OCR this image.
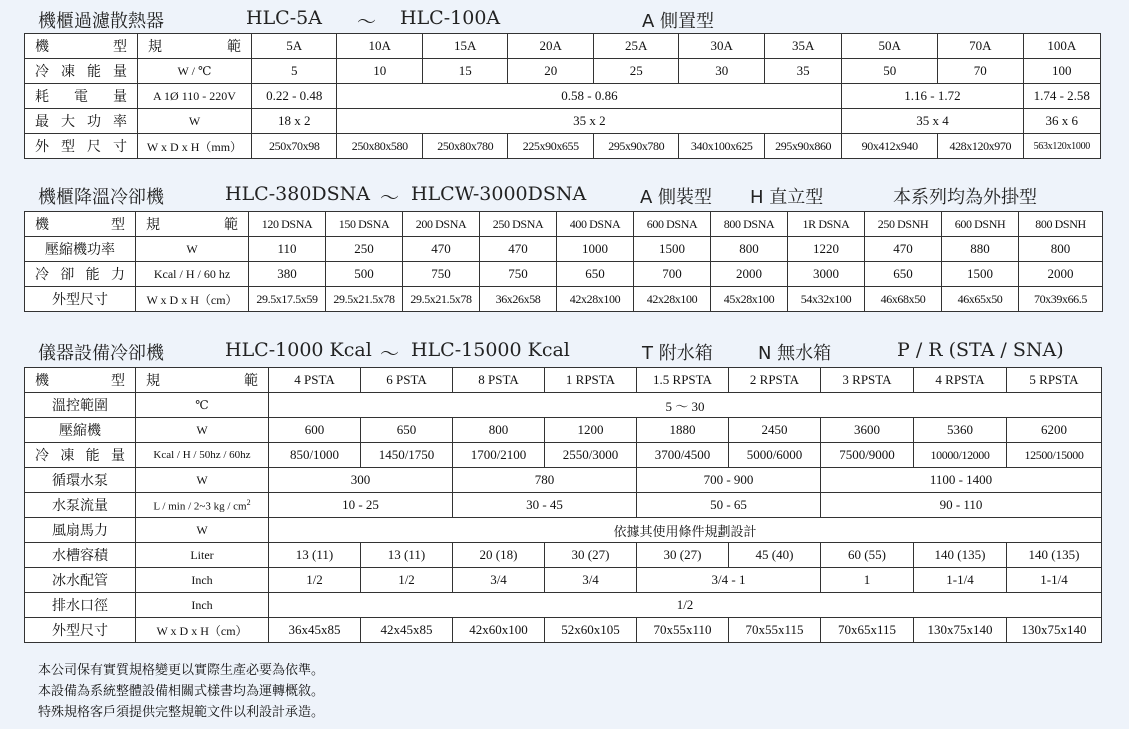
機櫃過濾散熱器	HLC-5A ～ HLC-100A	A 側置型
機 型	規 範	5A	10A	15A	20A	25A	30A	35A	50A	70A	100A
冷 凍 能 量	W / ℃	5	10	15	20	25	30	35	50	70	100
耗 電 量	A 1Ø 110 - 220V	0.22 - 0.48	0.58 - 0.86						1.16 - 1.72		1.74 - 2.58
最 大 功 率	W	18 x 2	35 x 2						35 x 4		36 x 6
外 型 尺 寸	W x D x H（mm）	250x70x98	250x80x580	250x80x780	225x90x655	295x90x780	340x100x625	295x90x860	90x412x940	428x120x970	563x120x1000
機櫃降溫冷卻機	HLC-380DSNA ～ HLCW-3000DSNA	A 側裝型 H 直立型	本系列均為外掛型
機 型	規 範	120 DSNA	150 DSNA	200 DSNA	250 DSNA	400 DSNA	600 DSNA	800 DSNA	1R DSNA	250 DSNH	600 DSNH	800 DSNH
壓縮機功率	W	110	250	470	470	1000	1500	800	1220	470	880	800
冷 卻 能 力	Kcal / H / 60 hz	380	500	750	750	650	700	2000	3000	650	1500	2000
外型尺寸	W x D x H（cm）	29.5x17.5x59	29.5x21.5x78	29.5x21.5x78	36x26x58	42x28x100	42x28x100	45x28x100	54x32x100	46x68x50	46x65x50	70x39x66.5
儀器設備冷卻機	HLC-1000 Kcal ～ HLC-15000 Kcal	T 附水箱	N 無水箱	P / R (STA / SNA)
機 型	規 範	4 PSTA	6 PSTA	8 PSTA	1 RPSTA	1.5 RPSTA	2 RPSTA	3 RPSTA	4 RPSTA	5 RPSTA
溫控範圍	℃	5 ～ 30								
壓縮機	W	600	650	800	1200	1880	2450	3600	5360	6200
冷 凍 能 量	Kcal / H / 50hz / 60hz	850/1000	1450/1750	1700/2100	2550/3000	3700/4500	5000/6000	7500/9000	10000/12000	12500/15000
循環水泵	W	300		780		700 - 900		1100 - 1400		
水泵流量	L / min / 2~3 kg / $cm^2$	10 - 25		30 - 45		50 - 65		90 - 110		
風扇馬力	W	依據其使用條件規劃設計								
水槽容積	Liter	13 (11)	13 (11)	20 (18)	30 (27)	30 (27)	45 (40)	60 (55)	140 (135)	140 (135)
冰水配管	Inch	1/2	1/2	3/4	3/4	3/4 - 1		1	1-1/4	1-1/4
排水口徑	Inch	1/2								
外型尺寸	W x D x H（cm）	36x45x85	42x45x85	42x60x100	52x60x105	70x55x110	70x55x115	70x65x115	130x75x140	130x75x140
本公司保有實質規格變更以實際生產必要為依準。
本設備為系統整體設備相關式樣書均為運轉概敘。
特殊規格客戶須提供完整規範文件以利設計承造。
